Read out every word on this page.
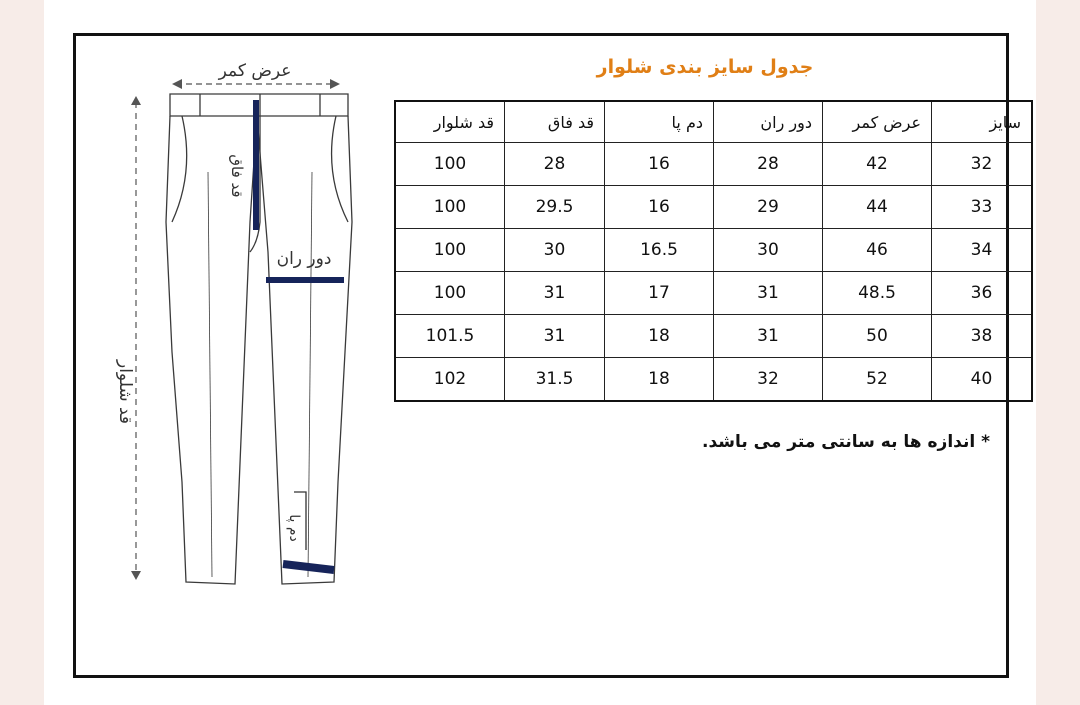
جدول سایز بندی شلوار
سایز	عرض کمر	دور ران	دم پا	قد فاق	قد شلوار
32	42	28	16	28	100
33	44	29	16	29.5	100
34	46	30	16.5	30	100
36	48.5	31	17	31	100
38	50	31	18	31	101.5
40	52	32	18	31.5	102
* اندازه ها به سانتی متر می باشد.
عرض کمر
قد شلوار
قد فاق
دور ران
دم پا
